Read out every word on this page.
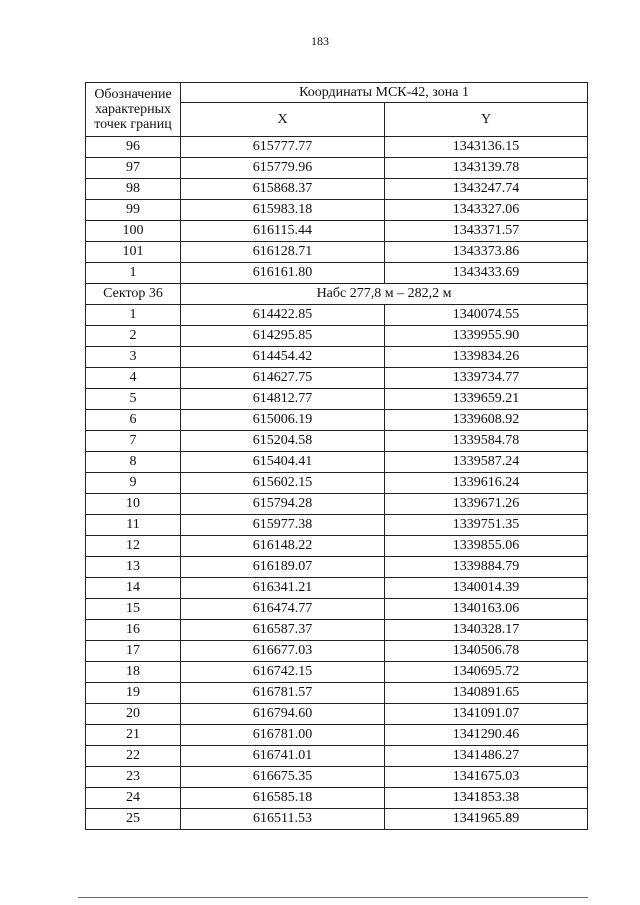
183
Обозначение
характерных
точек границ	Координаты МСК-42, зона 1	
	X	Y
96	615777.77	1343136.15
97	615779.96	1343139.78
98	615868.37	1343247.74
99	615983.18	1343327.06
100	616115.44	1343371.57
101	616128.71	1343373.86
1	616161.80	1343433.69
Сектор 36	Набс 277,8 м – 282,2 м	
1	614422.85	1340074.55
2	614295.85	1339955.90
3	614454.42	1339834.26
4	614627.75	1339734.77
5	614812.77	1339659.21
6	615006.19	1339608.92
7	615204.58	1339584.78
8	615404.41	1339587.24
9	615602.15	1339616.24
10	615794.28	1339671.26
11	615977.38	1339751.35
12	616148.22	1339855.06
13	616189.07	1339884.79
14	616341.21	1340014.39
15	616474.77	1340163.06
16	616587.37	1340328.17
17	616677.03	1340506.78
18	616742.15	1340695.72
19	616781.57	1340891.65
20	616794.60	1341091.07
21	616781.00	1341290.46
22	616741.01	1341486.27
23	616675.35	1341675.03
24	616585.18	1341853.38
25	616511.53	1341965.89
